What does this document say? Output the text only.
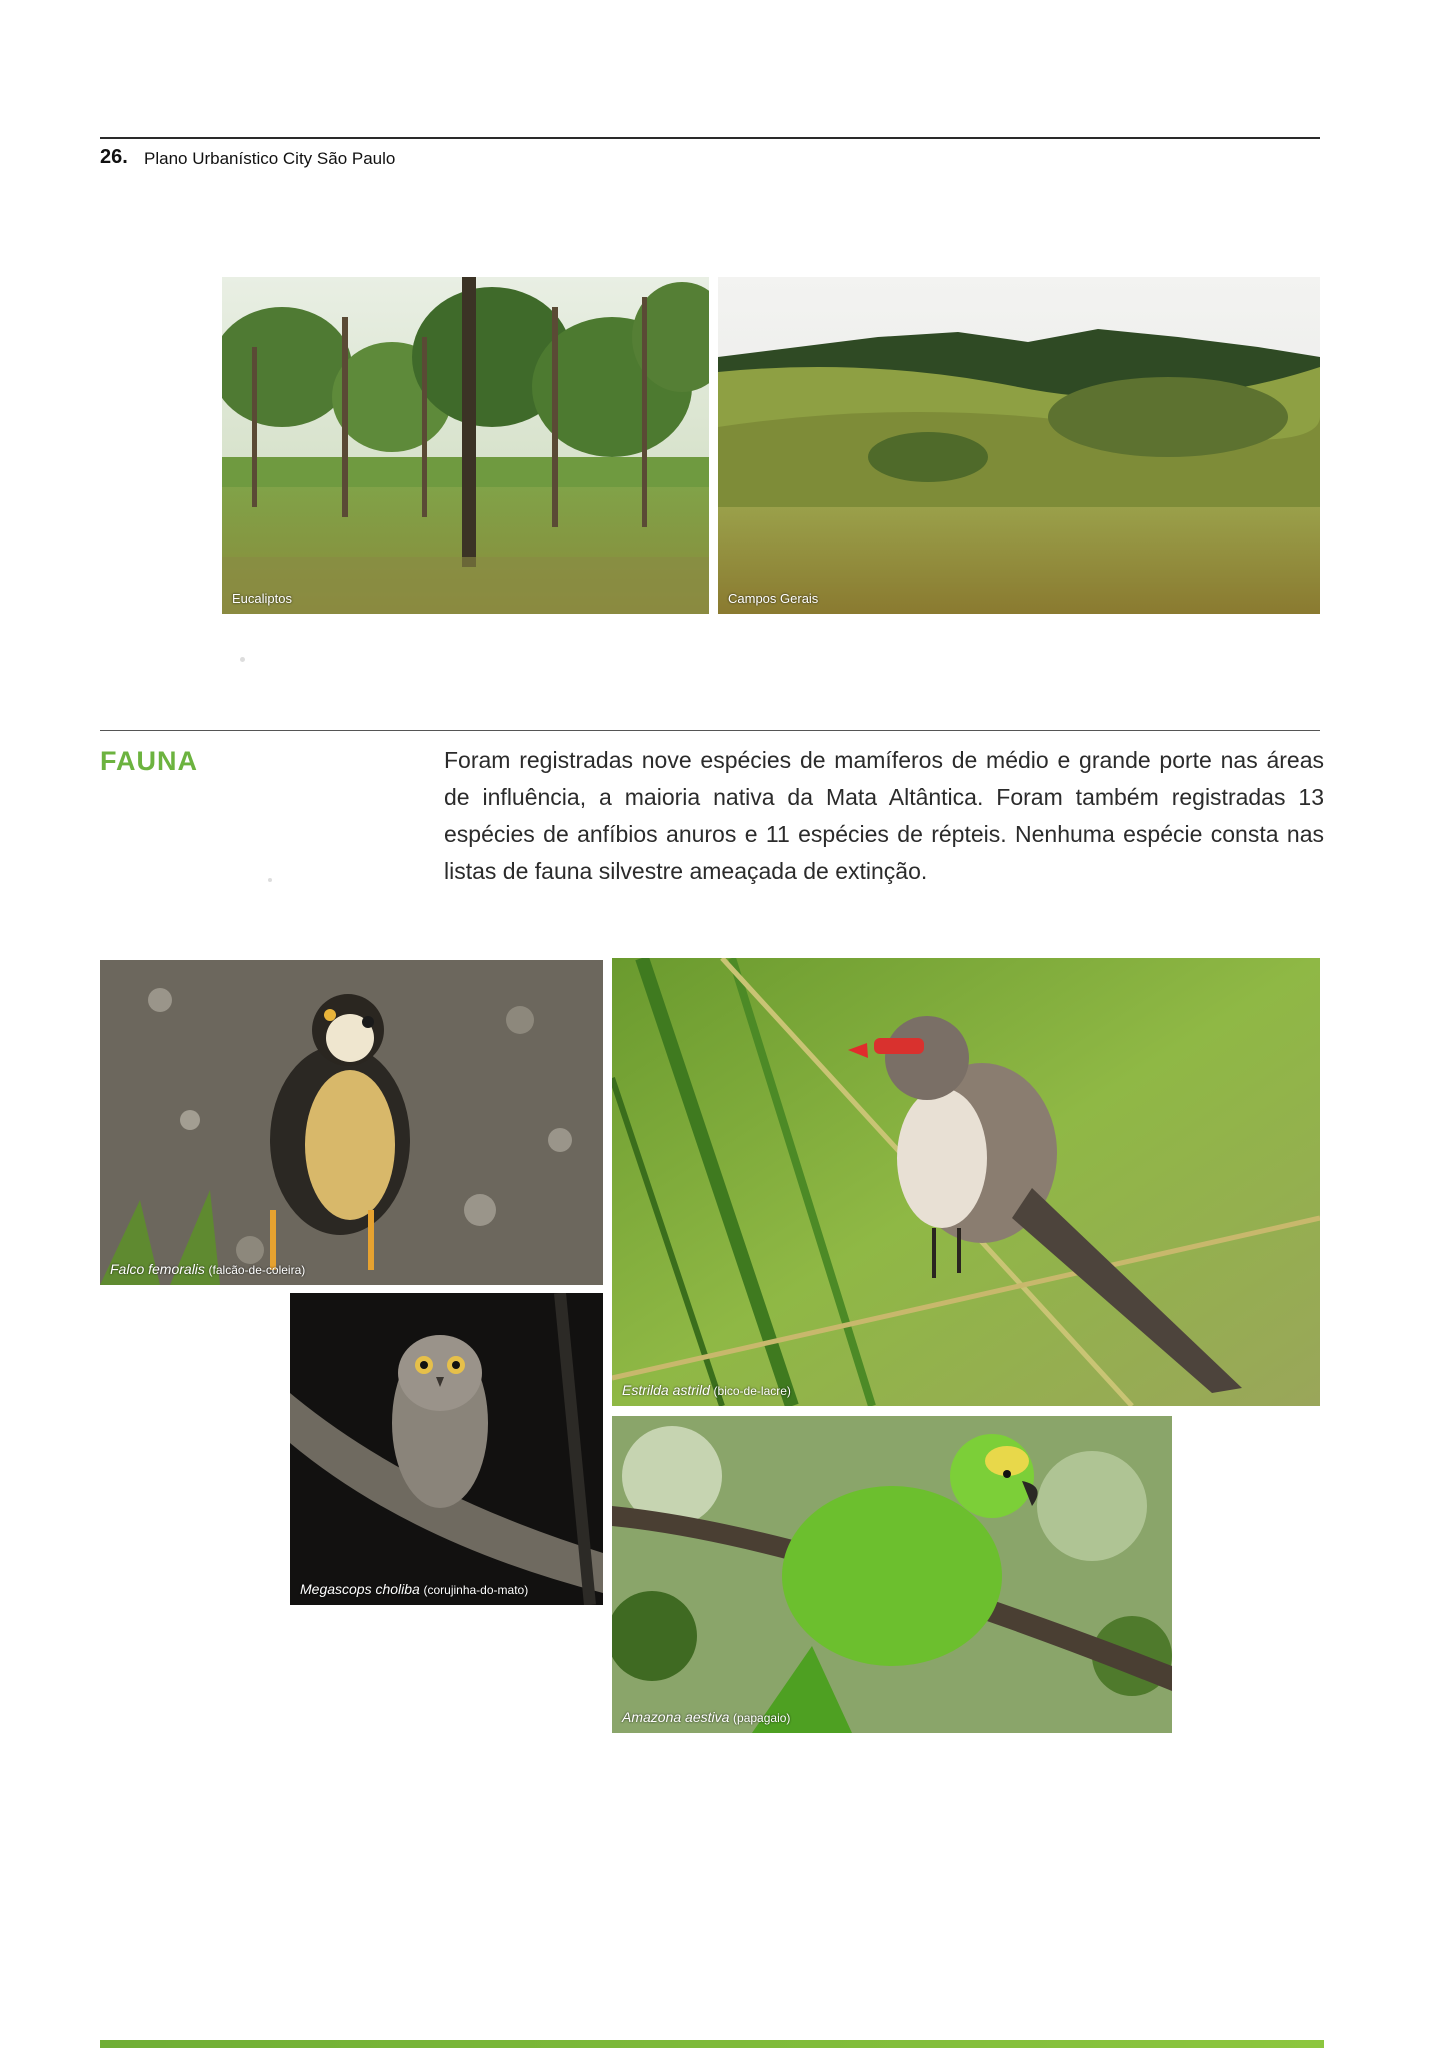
26. Plano Urbanístico City São Paulo
Eucaliptos	Campos Gerais
FAUNA	Foram registradas nove espécies de mamíferos de médio e grande porte nas áreas de influência, a maioria nativa da Mata Altântica. Foram também registradas 13 espécies de anfíbios anuros e 11 espécies de répteis. Nenhuma espécie consta nas listas de fauna silvestre ameaçada de extinção.
Falco femoralis (falcão-de-coleira)
Estrilda astrild (bico-de-lacre)
Megascops choliba (corujinha-do-mato)
Amazona aestiva (papagaio)
